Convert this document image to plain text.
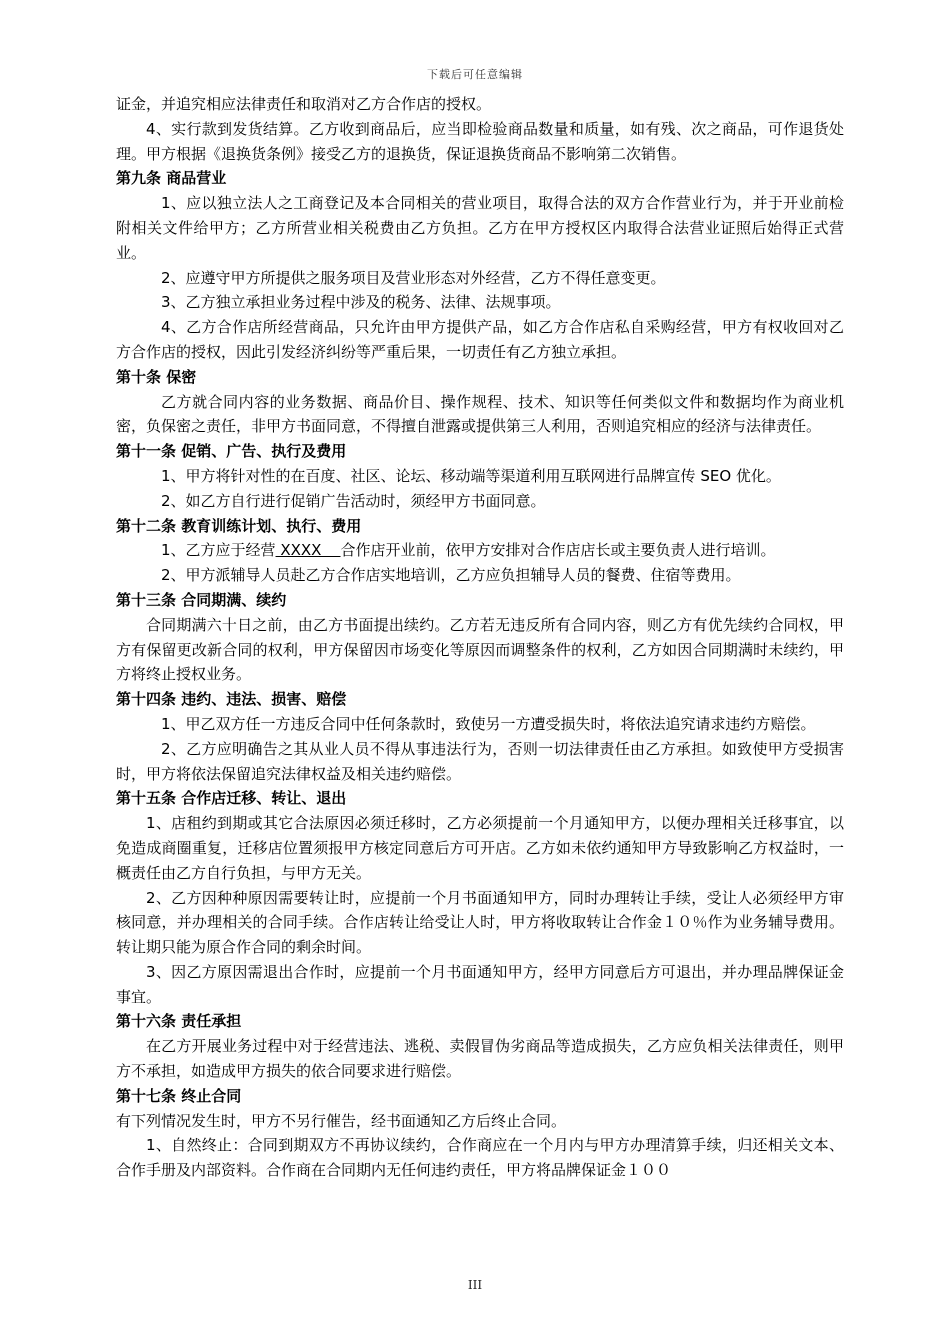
下载后可任意编辑

证金，并追究相应法律责任和取消对乙方合作店的授权。

4、实行款到发货结算。乙方收到商品后，应当即检验商品数量和质量，如有残、次之商品，可作退货处理。甲方根据《退换货条例》接受乙方的退换货，保证退换货商品不影响第二次销售。

第九条 商品营业

1、应以独立法人之工商登记及本合同相关的营业项目，取得合法的双方合作营业行为，并于开业前检附相关文件给甲方；乙方所营业相关税费由乙方负担。乙方在甲方授权区内取得合法营业证照后始得正式营业。

2、应遵守甲方所提供之服务项目及营业形态对外经营，乙方不得任意变更。

3、乙方独立承担业务过程中涉及的税务、法律、法规事项。

4、乙方合作店所经营商品，只允许由甲方提供产品，如乙方合作店私自采购经营，甲方有权收回对乙方合作店的授权，因此引发经济纠纷等严重后果，一切责任有乙方独立承担。

第十条 保密

乙方就合同内容的业务数据、商品价目、操作规程、技术、知识等任何类似文件和数据均作为商业机密，负保密之责任，非甲方书面同意，不得擅自泄露或提供第三人利用，否则追究相应的经济与法律责任。

第十一条 促销、广告、执行及费用

1、甲方将针对性的在百度、社区、论坛、移动端等渠道利用互联网进行品牌宣传 SEO 优化。

2、如乙方自行进行促销广告活动时，须经甲方书面同意。

第十二条 教育训练计划、执行、费用

1、乙方应于经营 XXXX    合作店开业前，依甲方安排对合作店店长或主要负责人进行培训。

2、甲方派辅导人员赴乙方合作店实地培训，乙方应负担辅导人员的餐费、住宿等费用。

第十三条 合同期满、续约

合同期满六十日之前，由乙方书面提出续约。乙方若无违反所有合同内容，则乙方有优先续约合同权，甲方有保留更改新合同的权利，甲方保留因市场变化等原因而调整条件的权利，乙方如因合同期满时未续约，甲方将终止授权业务。

第十四条 违约、违法、损害、赔偿

1、甲乙双方任一方违反合同中任何条款时，致使另一方遭受损失时，将依法追究请求违约方赔偿。

2、乙方应明确告之其从业人员不得从事违法行为，否则一切法律责任由乙方承担。如致使甲方受损害时，甲方将依法保留追究法律权益及相关违约赔偿。

第十五条 合作店迁移、转让、退出

1、店租约到期或其它合法原因必须迁移时，乙方必须提前一个月通知甲方，以便办理相关迁移事宜，以免造成商圈重复，迁移店位置须报甲方核定同意后方可开店。乙方如未依约通知甲方导致影响乙方权益时，一概责任由乙方自行负担，与甲方无关。

2、乙方因种种原因需要转让时，应提前一个月书面通知甲方，同时办理转让手续，受让人必须经甲方审核同意，并办理相关的合同手续。合作店转让给受让人时，甲方将收取转让合作金１０％作为业务辅导费用。转让期只能为原合作合同的剩余时间。

3、因乙方原因需退出合作时，应提前一个月书面通知甲方，经甲方同意后方可退出，并办理品牌保证金事宜。

第十六条 责任承担

在乙方开展业务过程中对于经营违法、逃税、卖假冒伪劣商品等造成损失，乙方应负相关法律责任，则甲方不承担，如造成甲方损失的依合同要求进行赔偿。

第十七条 终止合同

有下列情况发生时，甲方不另行催告，经书面通知乙方后终止合同。

1、自然终止：合同到期双方不再协议续约，合作商应在一个月内与甲方办理清算手续，归还相关文本、合作手册及内部资料。合作商在合同期内无任何违约责任，甲方将品牌保证金１００

III
